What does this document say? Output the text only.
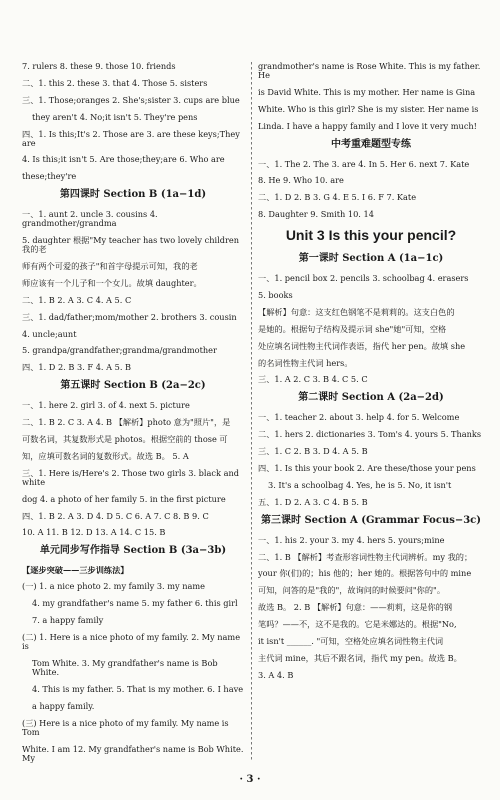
7. rulers 8. these 9. those 10. friends
二、1. this 2. these 3. that 4. Those 5. sisters
三、1. Those;oranges 2. She's;sister 3. cups are blue
they aren't 4. No;it isn't 5. They're pens
四、1. Is this;It's 2. Those are 3. are these keys;They are
4. Is this;it isn't 5. Are those;they;are 6. Who are
these;they're
第四课时 Section B (1a−1d)
一、1. aunt 2. uncle 3. cousins 4. grandmother/grandma
5. daughter 根据"My teacher has two lovely children 我的老
师有两个可爱的孩子"和首字母提示可知，我的老
师应该有一个儿子和一个女儿。故填 daughter。
二、1. B 2. A 3. C 4. A 5. C
三、1. dad/father;mom/mother 2. brothers 3. cousin
4. uncle;aunt
5. grandpa/grandfather;grandma/grandmother
四、1. D 2. B 3. F 4. A 5. B
第五课时 Section B (2a−2c)
一、1. here 2. girl 3. of 4. next 5. picture
二、1. B 2. C 3. A 4. B 【解析】photo 意为"照片"，是
可数名词，其复数形式是 photos。根据空前的 those 可
知，应填可数名词的复数形式。故选 B。 5. A
三、1. Here is/Here's 2. Those two girls 3. black and white
dog 4. a photo of her family 5. in the first picture
四、1. B 2. A 3. D 4. D 5. C 6. A 7. C 8. B 9. C
10. A 11. B 12. D 13. A 14. C 15. B
单元同步写作指导 Section B (3a−3b)
【逐步突破——三步训练法】
(一) 1. a nice photo 2. my family 3. my name
4. my grandfather's name 5. my father 6. this girl
7. a happy family
(二) 1. Here is a nice photo of my family. 2. My name is
Tom White. 3. My grandfather's name is Bob White.
4. This is my father. 5. That is my mother. 6. I have
a happy family.
(三) Here is a nice photo of my family. My name is Tom
White. I am 12. My grandfather's name is Bob White. My
grandmother's name is Rose White. This is my father. He
is David White. This is my mother. Her name is Gina
White. Who is this girl? She is my sister. Her name is
Linda. I have a happy family and I love it very much!
中考重难题型专练
一、1. The 2. The 3. are 4. In 5. Her 6. next 7. Kate
8. He 9. Who 10. are
二、1. D 2. B 3. G 4. E 5. I 6. F 7. Kate
8. Daughter 9. Smith 10. 14
Unit 3 Is this your pencil?
第一课时 Section A (1a−1c)
一、1. pencil box 2. pencils 3. schoolbag 4. erasers
5. books
【解析】句意：这支红色钢笔不是莉莉的。这支白色的
是她的。根据句子结构及提示词 she"她"可知，空格
处应填名词性物主代词作表语，指代 her pen。故填 she
的名词性物主代词 hers。
三、1. A 2. C 3. B 4. C 5. C
第二课时 Section A (2a−2d)
一、1. teacher 2. about 3. help 4. for 5. Welcome
二、1. hers 2. dictionaries 3. Tom's 4. yours 5. Thanks
三、1. C 2. B 3. D 4. A 5. B
四、1. Is this your book 2. Are these/those your pens
3. It's a schoolbag 4. Yes, he is 5. No, it isn't
五、1. D 2. A 3. C 4. B 5. B
第三课时 Section A (Grammar Focus−3c)
一、1. his 2. your 3. my 4. hers 5. yours;mine
二、1. B 【解析】考查形容词性物主代词辨析。my 我的；
your 你(们)的；his 他的；her 她的。根据答句中的 mine
可知，问答的是"我的"，故询问的时候要问"你的"。
故选 B。 2. B 【解析】句意：——莉莉，这是你的钢
笔吗？——不，这不是我的。它是米娜达的。根据"No,
it isn't ______. "可知，空格处应填名词性物主代词
主代词 mine，其后不跟名词，指代 my pen。故选 B。
3. A 4. B
· 3 ·
